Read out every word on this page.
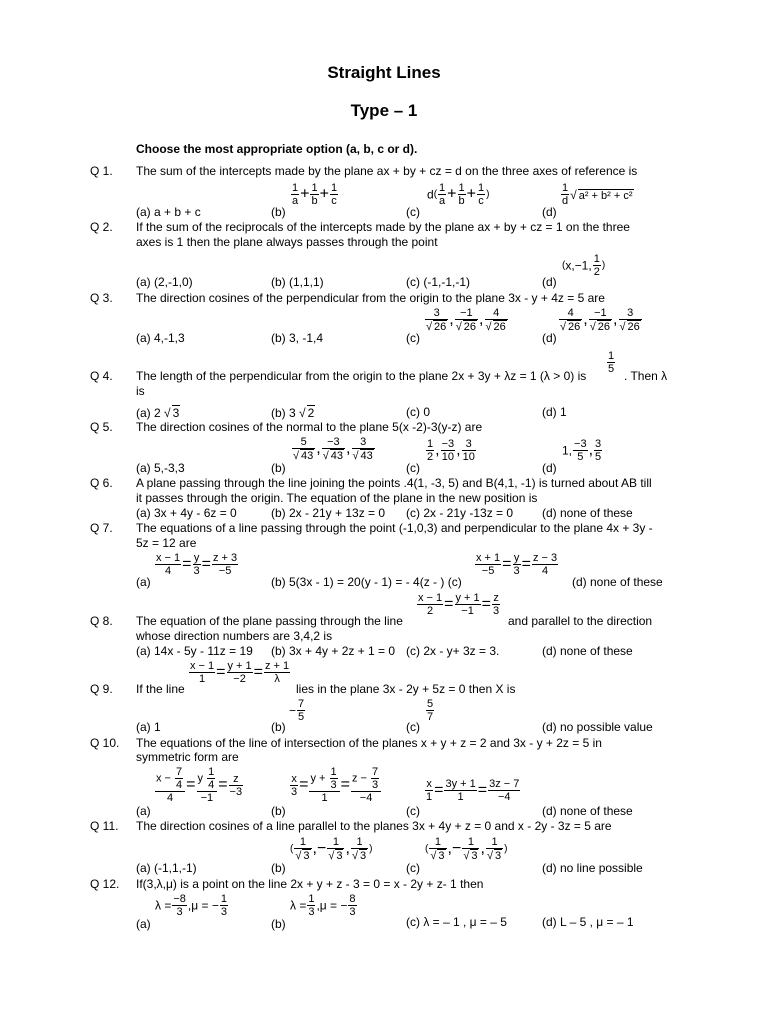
Straight Lines
Type – 1
Choose the most appropriate option (a, b, c or d).
Q 1. The sum of the intercepts made by the plane ax + by + cz = d on the three axes of reference is
(a) a + b + c	(b)
$\frac{1}{a} + \frac{1}{b} + \frac{1}{c}$
(c)
$d( \frac{1}{a} + \frac{1}{b} + \frac{1}{c}$ )
(d)
$\frac{1}{d}$ √ a² + b² + c²
Q 2. If the sum of the reciprocals of the intercepts made by the plane ax + by + cz = 1 on the three
axes is 1 then the plane always passes through the point
(a) (2,-1,0)	(b) (1,1,1)	(c) (-1,-1,-1)	(d)
(x,−1, $\frac{1}{2}$ )
Q 3. The direction cosines of the perpendicular from the origin to the plane 3x - y + 4z = 5 are
(a) 4,-1,3	(b) 3, -1,4	(c)
3
√ 26 , −1
√ 26 , 4
√ 26
(d)
4
√ 26 , −1
√ 26 , 3
√ 26
Q 4. The length of the perpendicular from the origin to the plane 2x + 3y + λz = 1 (λ > 0) is
$\frac{1}{5}$
. Then λ
is
(a) 2 √ 3	(b) 3 √ 2	(c) 0	(d) 1
Q 5. The direction cosines of the normal to the plane 5(x -2)-3(y-z) are
(a) 5,-3,3	(b)
5
√ 43 , −3
√ 43 , 3
√ 43
(c)
$\frac{1}{2}$ , $\frac{-3}{10}$ , $\frac{3}{10}$
(d)
1, $\frac{-3}{5}$ , $\frac{3}{5}$
Q 6. A plane passing through the line joining the points .4(1, -3, 5) and B(4,1, -1) is turned about AB till
it passes through the origin. The equation of the plane in the new position is
(a) 3x + 4y - 6z = 0	(b) 2x - 21y + 13z = 0 (c) 2x - 21y -13z = 0 (d) none of these
Q 7. The equations of a line passing through the point (-1,0,3) and perpendicular to the plane 4x + 3y -
5z = 12 are
(a)
$\frac{x - 1}{4} = \frac{y}{3} = \frac{z + 3}{-5}$
(b) 5(3x - 1) = 20(y - 1) = - 4(z - ) (c)
$\frac{x + 1}{-5} = \frac{y}{3} = \frac{z - 3}{4}$
(d) none of these
Q 8. The equation of the plane passing through the line
$\frac{x - 1}{2} = \frac{y + 1}{-1} = \frac{z}{3}$
and parallel to the direction
whose direction numbers are 3,4,2 is
(a) 14x - 5y - 11z = 19 (b) 3x + 4y + 2z + 1 = 0 (c) 2x - y+ 3z = 3.	(d) none of these
Q 9. If the line
$\frac{x - 1}{1} = \frac{y + 1}{-2} = \frac{z + 1}{\lambda}$
lies in the plane 3x - 2y + 5z = 0 then X is
(a) 1	(b)
− $\frac{7}{5}$
(c)
$\frac{5}{7}$
(d) no possible value
Q 10. The equations of the line of intersection of the planes x + y + z = 2 and 3x - y + 2z = 5 in
symmetric form are
(a)
$\frac{x - \frac{7}{4}}{4} = \frac{y \frac{1}{4}}{-1} = \frac{z}{-3}$
(b)
$\frac{x}{3} = \frac{y + \frac{1}{3}}{1} = \frac{z - \frac{7}{3}}{-4}$
(c)
$\frac{x}{1} = \frac{3y + 1}{1} = \frac{3z - 7}{-4}$
(d) none of these
Q 11. The direction cosines of a line parallel to the planes 3x + 4y + z = 0 and x - 2y - 3z = 5 are
(a) (-1,1,-1)	(b)
( 1
√ 3 ,− 1
√ 3 , 1
√ 3 )
(c)
( 1
√ 3 ,− 1
√ 3 , 1
√ 3 )
(d) no line possible
Q 12. If(3,λ,μ) is a point on the line 2x + y + z - 3 = 0 = x - 2y + z- 1 then
(a)
$\lambda = \frac{-8}{3} ,\mu$ = − $\frac{1}{3}$
(b)
$\lambda = \frac{1}{3} ,\mu$ = − $\frac{8}{3}$
(c) λ = – 1 , μ = – 5	(d) L – 5 , μ = – 1
